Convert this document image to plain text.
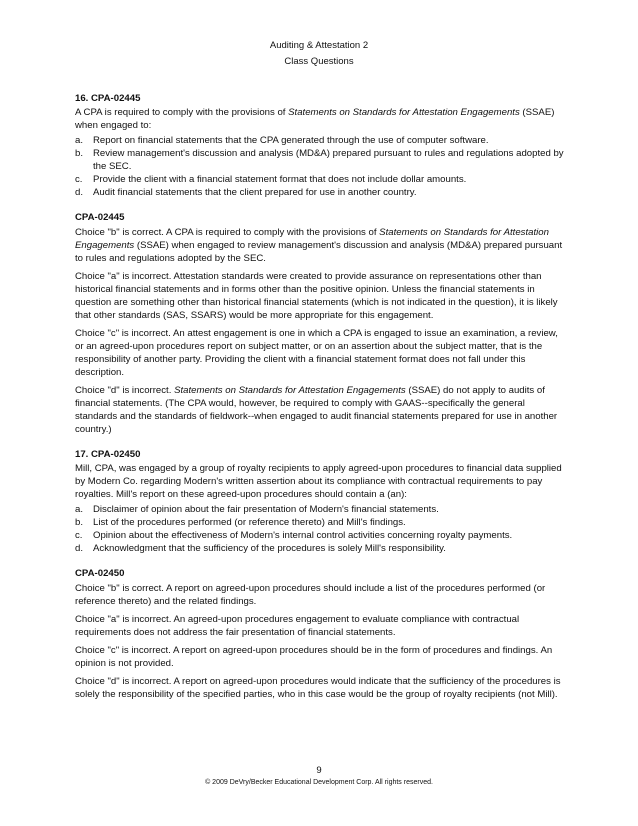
Auditing & Attestation 2
Class Questions
16. CPA-02445
A CPA is required to comply with the provisions of Statements on Standards for Attestation Engagements (SSAE) when engaged to:
a. Report on financial statements that the CPA generated through the use of computer software.
b. Review management's discussion and analysis (MD&A) prepared pursuant to rules and regulations adopted by the SEC.
c. Provide the client with a financial statement format that does not include dollar amounts.
d. Audit financial statements that the client prepared for use in another country.
CPA-02445
Choice "b" is correct. A CPA is required to comply with the provisions of Statements on Standards for Attestation Engagements (SSAE) when engaged to review management's discussion and analysis (MD&A) prepared pursuant to rules and regulations adopted by the SEC.
Choice "a" is incorrect. Attestation standards were created to provide assurance on representations other than historical financial statements and in forms other than the positive opinion. Unless the financial statements in question are something other than historical financial statements (which is not indicated in the question), it is likely that other standards (SAS, SSARS) would be more appropriate for this engagement.
Choice "c" is incorrect. An attest engagement is one in which a CPA is engaged to issue an examination, a review, or an agreed-upon procedures report on subject matter, or on an assertion about the subject matter, that is the responsibility of another party. Providing the client with a financial statement format does not fall under this description.
Choice "d" is incorrect. Statements on Standards for Attestation Engagements (SSAE) do not apply to audits of financial statements. (The CPA would, however, be required to comply with GAAS--specifically the general standards and the standards of fieldwork--when engaged to audit financial statements prepared for use in another country.)
17. CPA-02450
Mill, CPA, was engaged by a group of royalty recipients to apply agreed-upon procedures to financial data supplied by Modern Co. regarding Modern's written assertion about its compliance with contractual requirements to pay royalties. Mill's report on these agreed-upon procedures should contain a (an):
a. Disclaimer of opinion about the fair presentation of Modern's financial statements.
b. List of the procedures performed (or reference thereto) and Mill's findings.
c. Opinion about the effectiveness of Modern's internal control activities concerning royalty payments.
d. Acknowledgment that the sufficiency of the procedures is solely Mill's responsibility.
CPA-02450
Choice "b" is correct. A report on agreed-upon procedures should include a list of the procedures performed (or reference thereto) and the related findings.
Choice "a" is incorrect. An agreed-upon procedures engagement to evaluate compliance with contractual requirements does not address the fair presentation of financial statements.
Choice "c" is incorrect. A report on agreed-upon procedures should be in the form of procedures and findings. An opinion is not provided.
Choice "d" is incorrect. A report on agreed-upon procedures would indicate that the sufficiency of the procedures is solely the responsibility of the specified parties, who in this case would be the group of royalty recipients (not Mill).
9
© 2009 DeVry/Becker Educational Development Corp. All rights reserved.
